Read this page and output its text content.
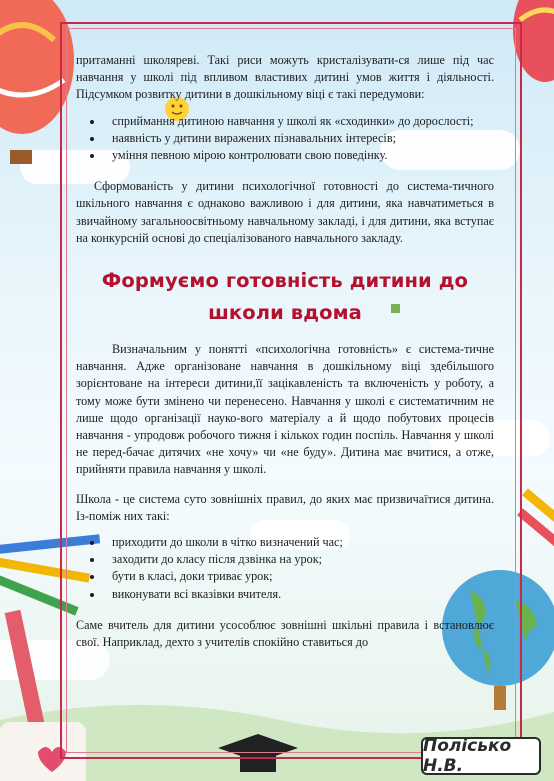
притаманні школяреві. Такі риси можуть кристалізувати-ся лише під час навчання у школі під впливом властивих дитині умов життя і діяльності. Підсумком розвитку дитини в дошкільному віці є такі передумови:

• сприймання дитиною навчання у школі як «сходинки» до дорослості;
• наявність у дитини виражених пізнавальних інтересів;
• уміння певною мірою контролювати свою поведінку.

Сформованість у дитини психологічної готовності до система-тичного шкільного навчання є однаково важливою і для дитини, яка навчатиметься в звичайному загальноосвітньому навчальному закладі, і для дитини, яка вступає на конкурсній основі до спеціалізованого навчального закладу.

Формуємо готовність дитини до школи вдома

Визначальним у понятті «психологічна готовність» є система-тичне навчання. Адже організоване навчання в дошкільному віці здебільшого зорієнтоване на інтереси дитини,її зацікавленість та включеність у роботу, а тому може бути змінено чи перенесено. Навчання у школі є систематичним не лише щодо організації науко-вого матеріалу а й щодо побутових процесів навчання - упродовж робочого тижня і кількох годин поспіль. Навчання у школі не перед-бачає дитячих «не хочу» чи «не буду». Дитина має вчитися, а отже, прийняти правила навчання у школі.

Школа - це система суто зовнішніх правил, до яких має призвичаїтися дитина. Із-поміж них такі:

• приходити до школи в чітко визначений час;
• заходити до класу після дзвінка на урок;
• бути в класі, доки триває урок;
• виконувати всі вказівки вчителя.

Саме вчитель для дитини усособлює зовнішні шкільні правила і встановлює свої. Наприклад, дехто з учителів спокійно ставиться до

Полісько Н.В.
